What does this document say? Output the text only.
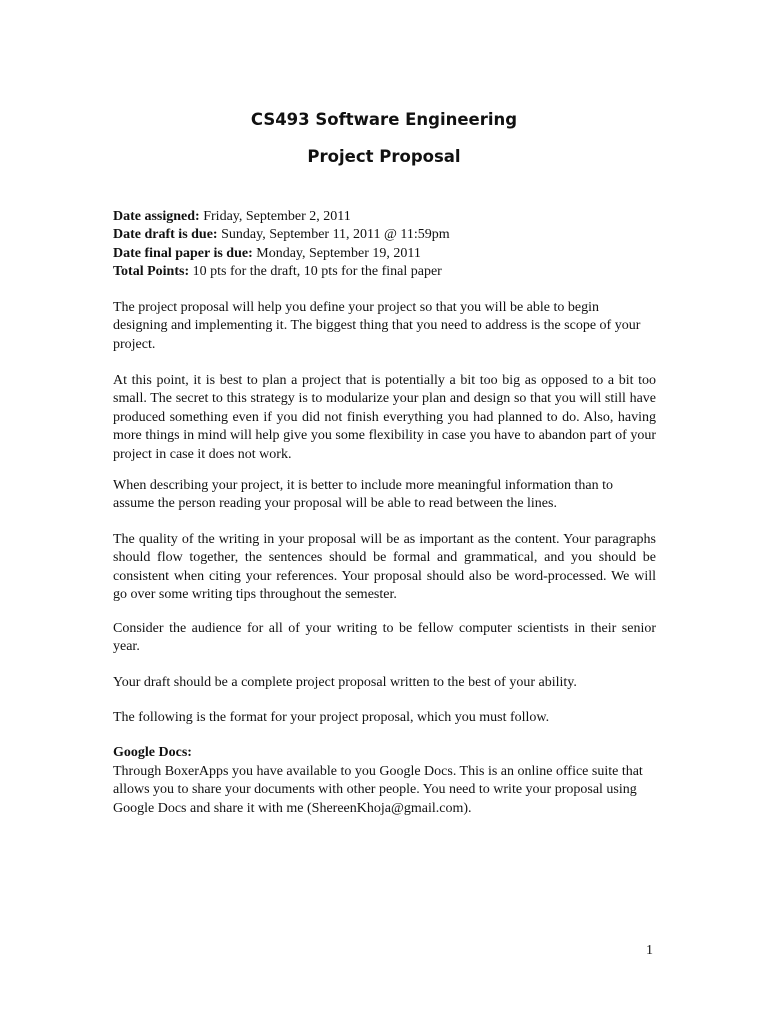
CS493 Software Engineering
Project Proposal
Date assigned: Friday, September 2, 2011
Date draft is due: Sunday, September 11, 2011 @ 11:59pm
Date final paper is due: Monday, September 19, 2011
Total Points: 10 pts for the draft, 10 pts for the final paper

The project proposal will help you define your project so that you will be able to begin designing and implementing it. The biggest thing that you need to address is the scope of your project.

At this point, it is best to plan a project that is potentially a bit too big as opposed to a bit too small. The secret to this strategy is to modularize your plan and design so that you will still have produced something even if you did not finish everything you had planned to do. Also, having more things in mind will help give you some flexibility in case you have to abandon part of your project in case it does not work.

When describing your project, it is better to include more meaningful information than to assume the person reading your proposal will be able to read between the lines.

The quality of the writing in your proposal will be as important as the content. Your paragraphs should flow together, the sentences should be formal and grammatical, and you should be consistent when citing your references. Your proposal should also be word-processed. We will go over some writing tips throughout the semester.

Consider the audience for all of your writing to be fellow computer scientists in their senior year.

Your draft should be a complete project proposal written to the best of your ability.

The following is the format for your project proposal, which you must follow.

Google Docs:

Through BoxerApps you have available to you Google Docs. This is an online office suite that allows you to share your documents with other people. You need to write your proposal using Google Docs and share it with me (ShereenKhoja@gmail.com).

1
